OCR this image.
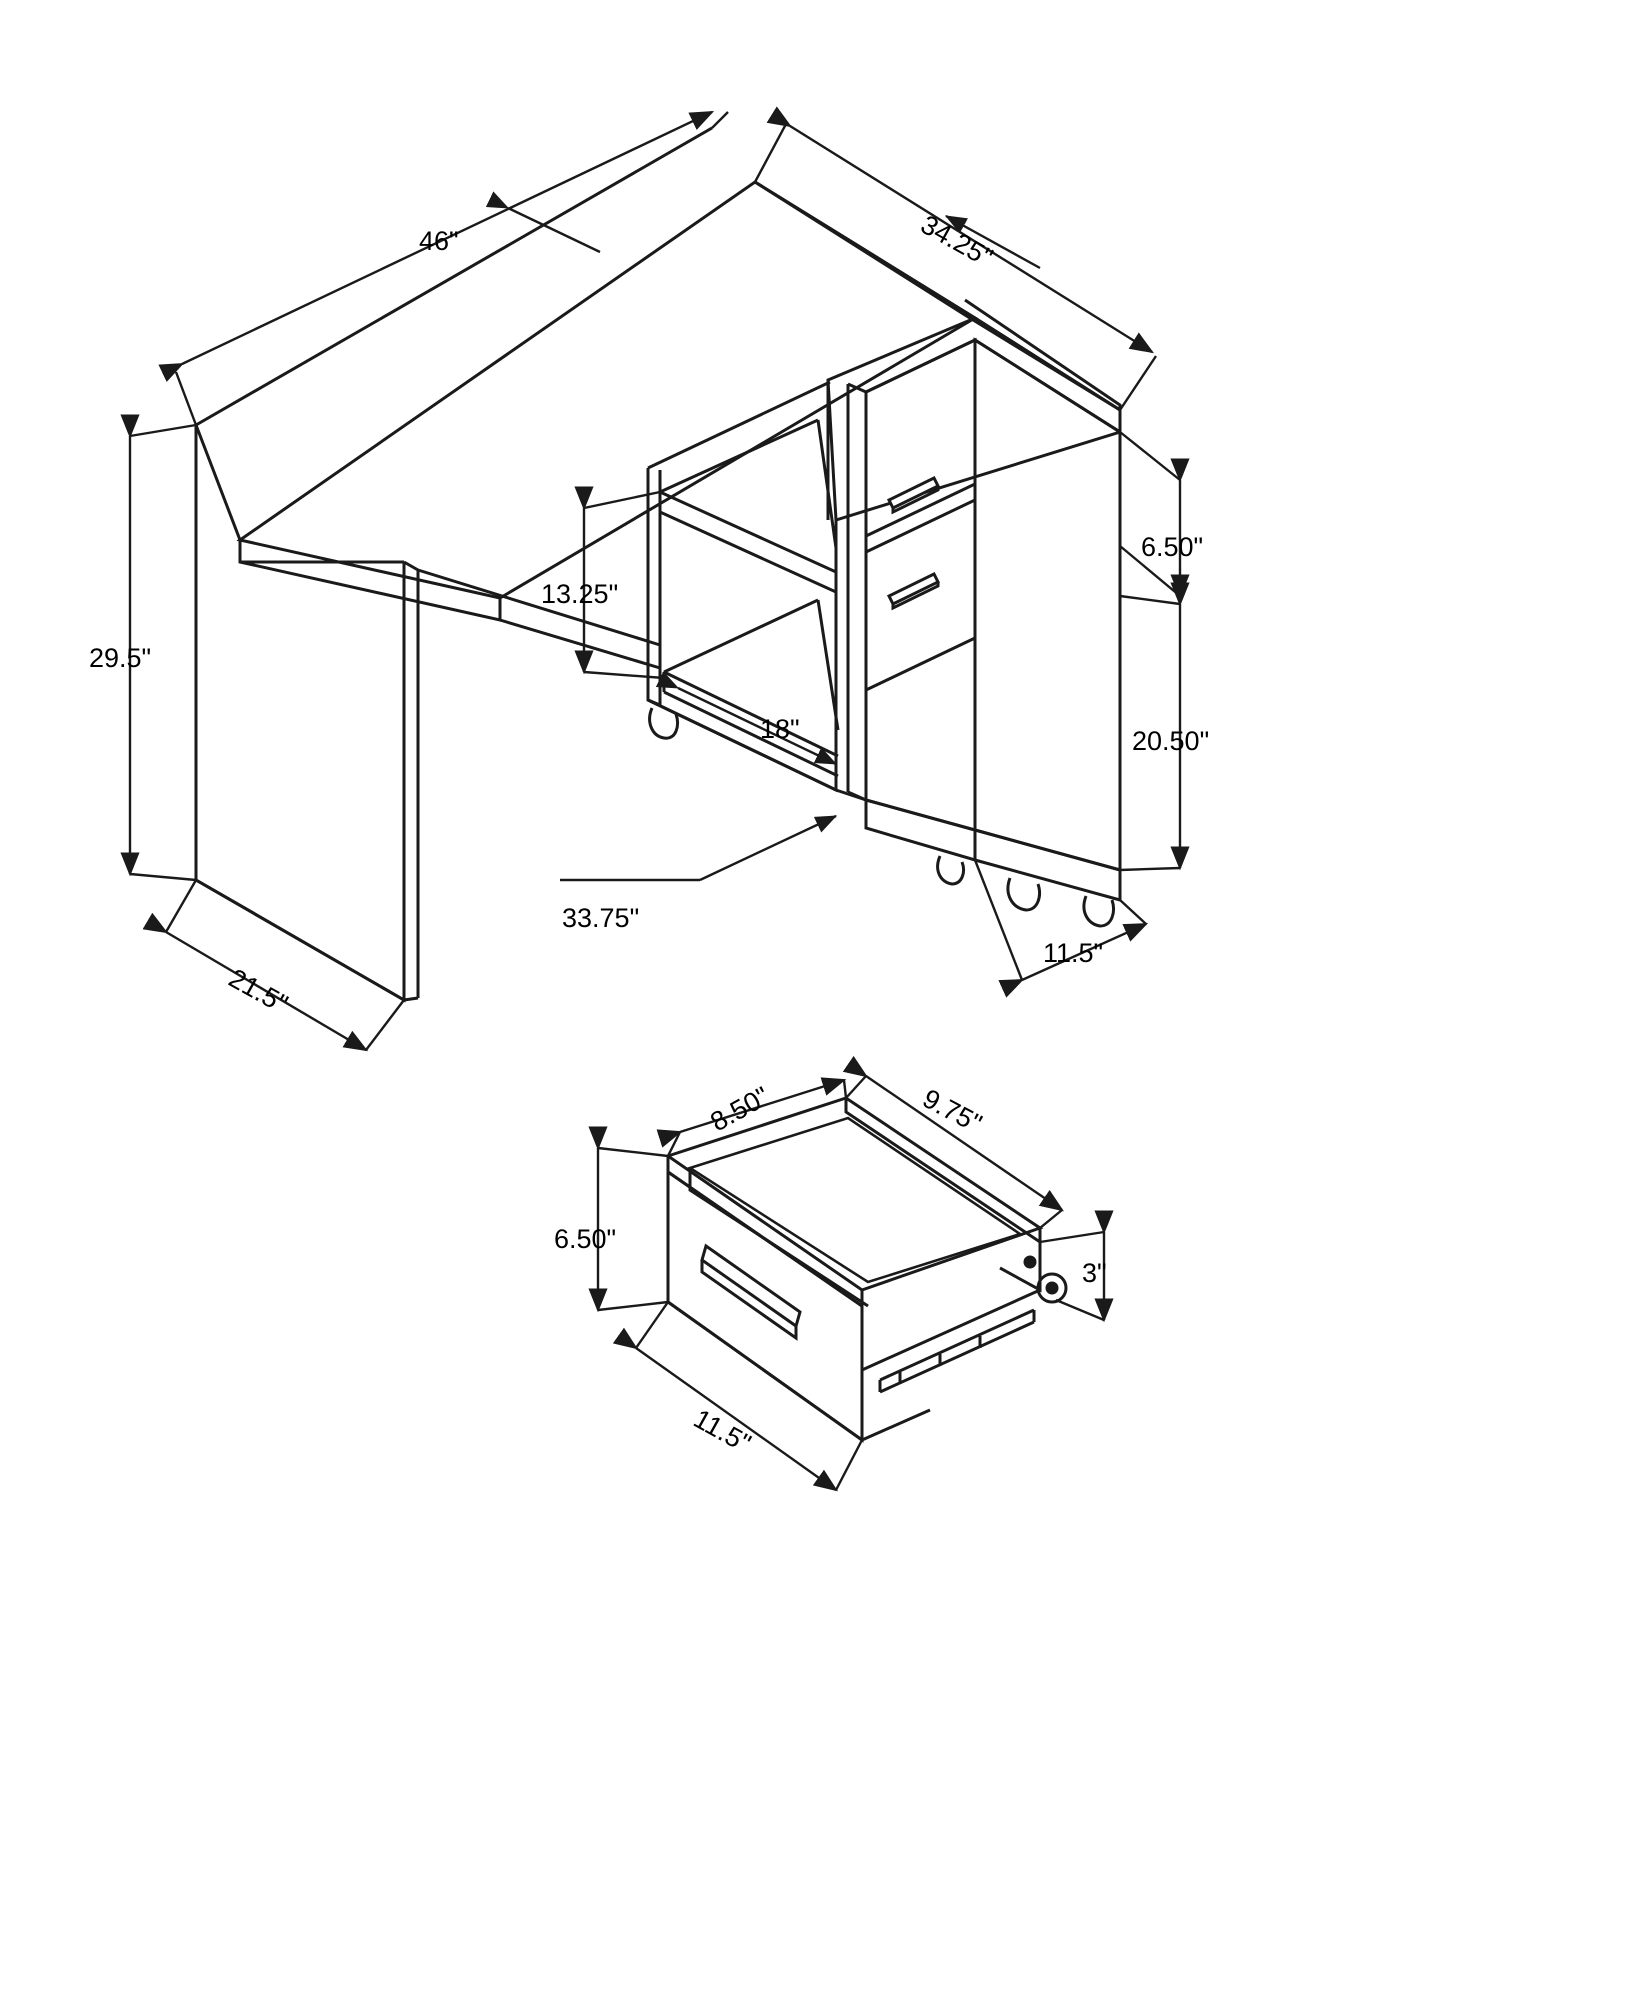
46"	34.25"
29.5"
21.5"
13.25"
18"
33.75"
6.50"
20.50"
11.5"
8.50"	9.75"
6.50"
3"
11.5"
